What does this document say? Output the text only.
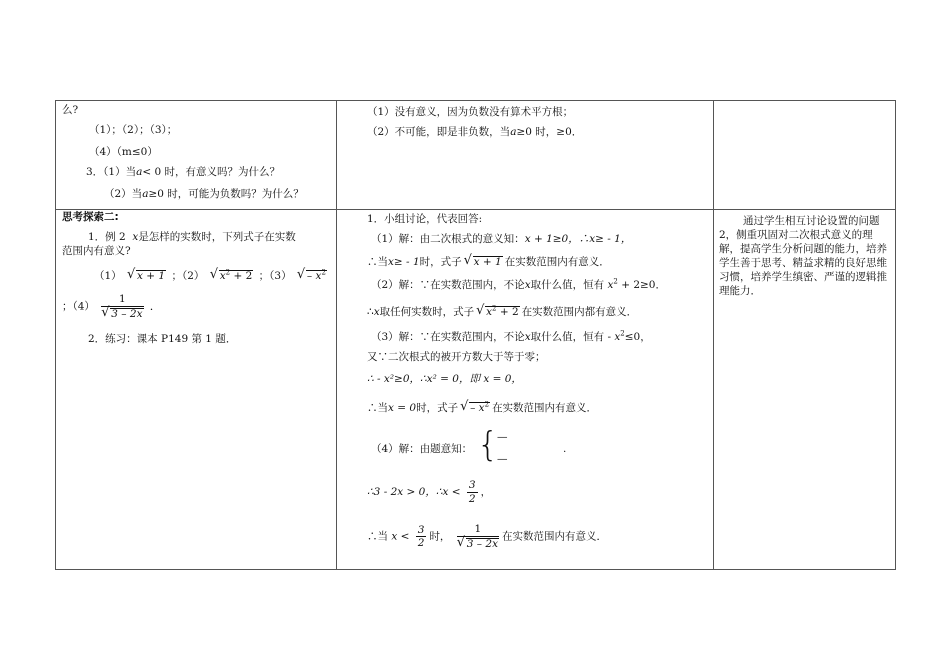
么?
（1）；（2）；（3）；
（4）（m≤0）
3．（1）当a< 0 时，有意义吗？为什么？
（2）当a≥0 时，可能为负数吗？为什么？
（1）没有意义，因为负数没有算术平方根；
（2）不可能，即是非负数，当a≥0 时，≥0．
思考探索二:
1．例 2 x是怎样的实数时，下列式子在实数
范围内有意义?
（1） √ x + 1 ；（2） √ $x^2 + 2$ ；（3） √ – $x^2$
；$(4) \frac{1}{√ 3 - 2x}$ ．
2．练习：课本 P149 第 1 题．
1．小组讨论，代表回答:
（1）解：由二次根式的意义知：x + 1≥0，∴x≥ - 1，
∴当x≥ - 1时，式子 √ x + 1 在实数范围内有意义．
（2）解：∵在实数范围内，不论x取什么值，恒有 $x^2 + 2\ge 0$．
∴x取任何实数时，式子 √ $x^2 + 2$ 在实数范围内都有意义．
（3）解：∵在实数范围内，不论x取什么值，恒有 - $x^2\le 0$，
又∵二次根式的被开方数大于等于零；
∴ - x²≥0，∴x² = 0，即 x = 0，
∴当x = 0时，式子 √ – $x^2$ 在实数范围内有意义．
（4）解：由题意知： {
—
—
.
∴3 - 2x > 0，∴x < $\frac{3}{2}$ ，
∴当 $x < \frac{3}{2}$ 时， $\frac{1}{√ 3 - 2x}$ 在实数范围内有意义．
通过学生相互讨论设置的问题 2，侧重巩固对二次根式意义的理解，提高学生分析问题的能力，培养学生善于思考、精益求精的良好思维习惯，培养学生缜密、严谨的逻辑推理能力．
